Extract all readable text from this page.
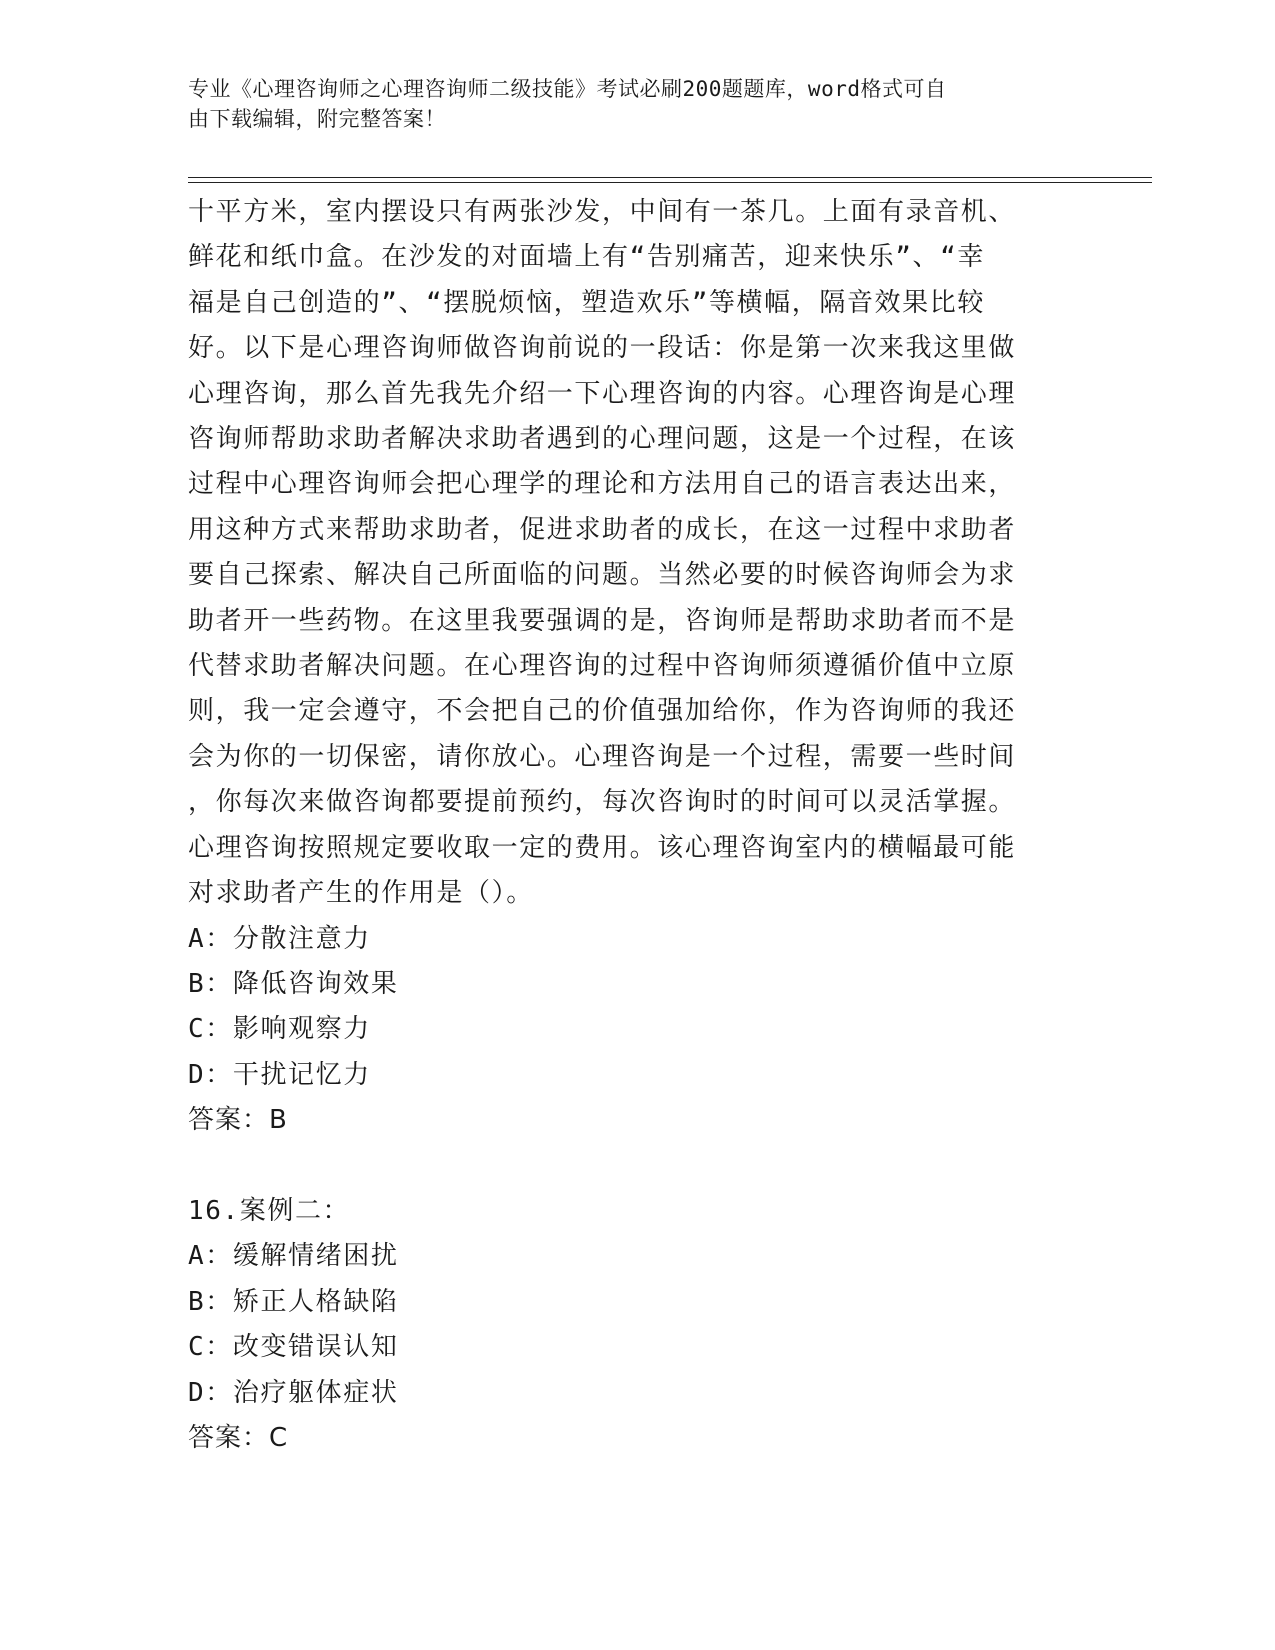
专业《心理咨询师之心理咨询师二级技能》考试必刷200题题库，word格式可自
由下载编辑，附完整答案！
十平方米，室内摆设只有两张沙发，中间有一茶几。上面有录音机、
鲜花和纸巾盒。在沙发的对面墙上有“告别痛苦，迎来快乐”、“幸
福是自己创造的”、“摆脱烦恼，塑造欢乐”等横幅，隔音效果比较
好。以下是心理咨询师做咨询前说的一段话：你是第一次来我这里做
心理咨询，那么首先我先介绍一下心理咨询的内容。心理咨询是心理
咨询师帮助求助者解决求助者遇到的心理问题，这是一个过程，在该
过程中心理咨询师会把心理学的理论和方法用自己的语言表达出来，
用这种方式来帮助求助者，促进求助者的成长，在这一过程中求助者
要自己探索、解决自己所面临的问题。当然必要的时候咨询师会为求
助者开一些药物。在这里我要强调的是，咨询师是帮助求助者而不是
代替求助者解决问题。在心理咨询的过程中咨询师须遵循价值中立原
则，我一定会遵守，不会把自己的价值强加给你，作为咨询师的我还
会为你的一切保密，请你放心。心理咨询是一个过程，需要一些时间
，你每次来做咨询都要提前预约，每次咨询时的时间可以灵活掌握。
心理咨询按照规定要收取一定的费用。该心理咨询室内的横幅最可能
对求助者产生的作用是（）。
A：分散注意力
B：降低咨询效果
C：影响观察力
D：干扰记忆力
答案：B
16.案例二：
A：缓解情绪困扰
B：矫正人格缺陷
C：改变错误认知
D：治疗躯体症状
答案：C
